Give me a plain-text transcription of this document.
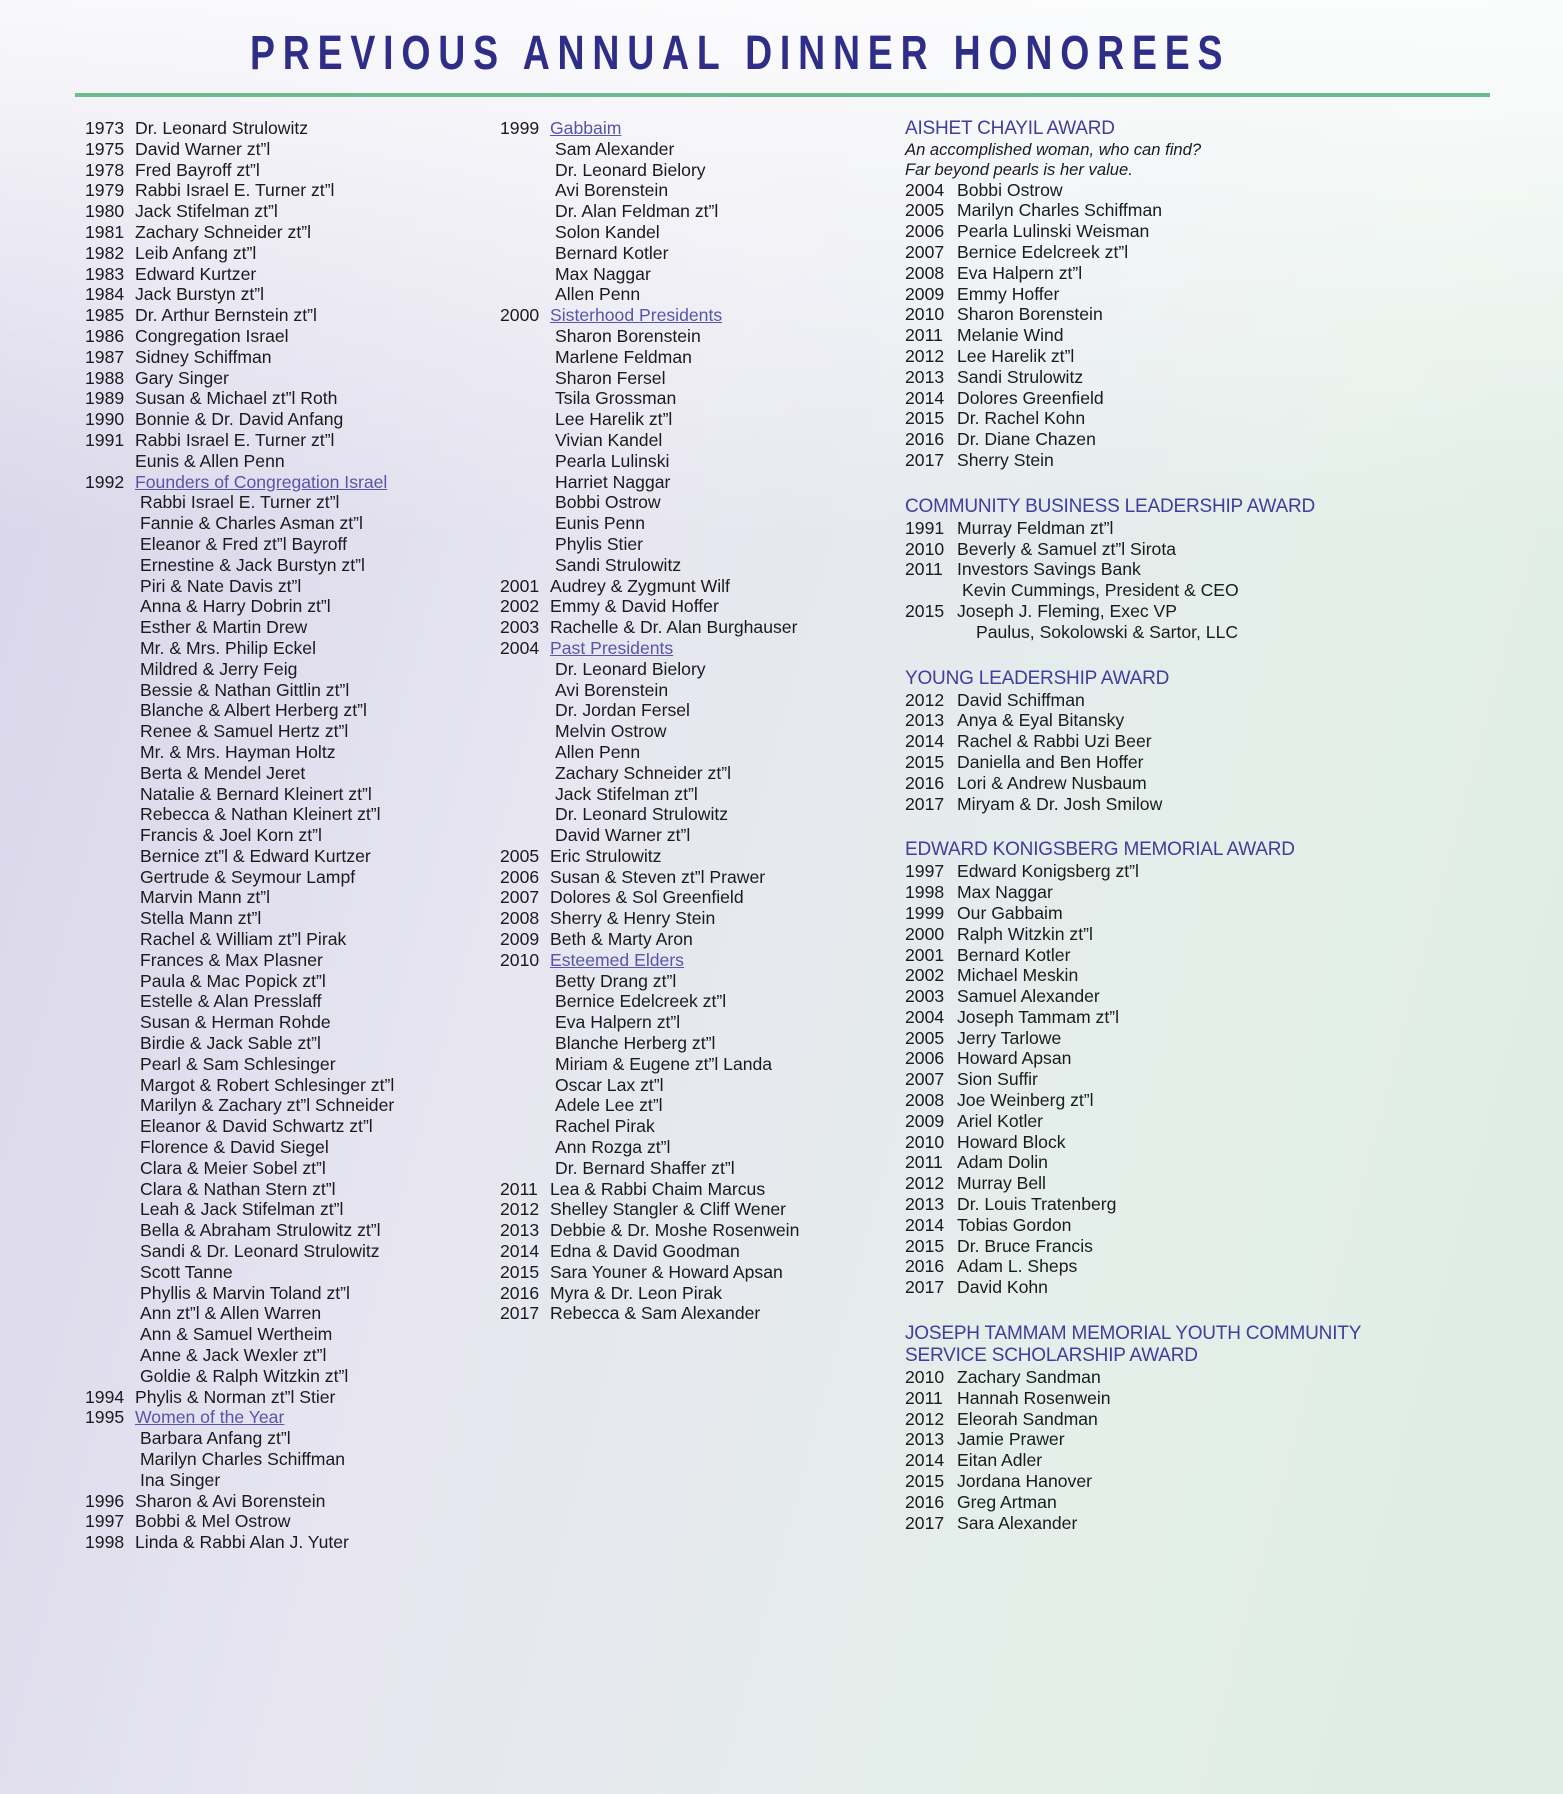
PREVIOUS ANNUAL DINNER HONOREES
1973 Dr. Leonard Strulowitz
1975 David Warner zt”l
1978 Fred Bayroff zt”l
1979 Rabbi Israel E. Turner zt”l
1980 Jack Stifelman zt”l
1981 Zachary Schneider zt”l
1982 Leib Anfang zt”l
1983 Edward Kurtzer
1984 Jack Burstyn zt”l
1985 Dr. Arthur Bernstein zt”l
1986 Congregation Israel
1987 Sidney Schiffman
1988 Gary Singer
1989 Susan & Michael zt”l Roth
1990 Bonnie & Dr. David Anfang
1991 Rabbi Israel E. Turner zt”l
Eunis & Allen Penn
1992 Founders of Congregation Israel
Rabbi Israel E. Turner zt”l
Fannie & Charles Asman zt”l
Eleanor & Fred zt”l Bayroff
Ernestine & Jack Burstyn zt”l
Piri & Nate Davis zt”l
Anna & Harry Dobrin zt”l
Esther & Martin Drew
Mr. & Mrs. Philip Eckel
Mildred & Jerry Feig
Bessie & Nathan Gittlin zt”l
Blanche & Albert Herberg zt”l
Renee & Samuel Hertz zt”l
Mr. & Mrs. Hayman Holtz
Berta & Mendel Jeret
Natalie & Bernard Kleinert zt”l
Rebecca & Nathan Kleinert zt”l
Francis & Joel Korn zt”l
Bernice zt”l & Edward Kurtzer
Gertrude & Seymour Lampf
Marvin Mann zt”l
Stella Mann zt”l
Rachel & William zt”l Pirak
Frances & Max Plasner
Paula & Mac Popick zt”l
Estelle & Alan Presslaff
Susan & Herman Rohde
Birdie & Jack Sable zt”l
Pearl & Sam Schlesinger
Margot & Robert Schlesinger zt”l
Marilyn & Zachary zt”l Schneider
Eleanor & David Schwartz zt”l
Florence & David Siegel
Clara & Meier Sobel zt”l
Clara & Nathan Stern zt”l
Leah & Jack Stifelman zt”l
Bella & Abraham Strulowitz zt”l
Sandi & Dr. Leonard Strulowitz
Scott Tanne
Phyllis & Marvin Toland zt”l
Ann zt”l & Allen Warren
Ann & Samuel Wertheim
Anne & Jack Wexler zt”l
Goldie & Ralph Witzkin zt”l
1994 Phylis & Norman zt”l Stier
1995 Women of the Year
Barbara Anfang zt”l
Marilyn Charles Schiffman
Ina Singer
1996 Sharon & Avi Borenstein
1997 Bobbi & Mel Ostrow
1998 Linda & Rabbi Alan J. Yuter
1999 Gabbaim
Sam Alexander
Dr. Leonard Bielory
Avi Borenstein
Dr. Alan Feldman zt”l
Solon Kandel
Bernard Kotler
Max Naggar
Allen Penn
2000 Sisterhood Presidents
Sharon Borenstein
Marlene Feldman
Sharon Fersel
Tsila Grossman
Lee Harelik zt”l
Vivian Kandel
Pearla Lulinski
Harriet Naggar
Bobbi Ostrow
Eunis Penn
Phylis Stier
Sandi Strulowitz
2001 Audrey & Zygmunt Wilf
2002 Emmy & David Hoffer
2003 Rachelle & Dr. Alan Burghauser
2004 Past Presidents
Dr. Leonard Bielory
Avi Borenstein
Dr. Jordan Fersel
Melvin Ostrow
Allen Penn
Zachary Schneider zt”l
Jack Stifelman zt”l
Dr. Leonard Strulowitz
David Warner zt”l
2005 Eric Strulowitz
2006 Susan & Steven zt”l Prawer
2007 Dolores & Sol Greenfield
2008 Sherry & Henry Stein
2009 Beth & Marty Aron
2010 Esteemed Elders
Betty Drang zt”l
Bernice Edelcreek zt”l
Eva Halpern zt”l
Blanche Herberg zt”l
Miriam & Eugene zt”l Landa
Oscar Lax zt”l
Adele Lee zt”l
Rachel Pirak
Ann Rozga zt”l
Dr. Bernard Shaffer zt”l
2011 Lea & Rabbi Chaim Marcus
2012 Shelley Stangler & Cliff Wener
2013 Debbie & Dr. Moshe Rosenwein
2014 Edna & David Goodman
2015 Sara Youner & Howard Apsan
2016 Myra & Dr. Leon Pirak
2017 Rebecca & Sam Alexander
AISHET CHAYIL AWARD
An accomplished woman, who can find?
Far beyond pearls is her value.
2004 Bobbi Ostrow
2005 Marilyn Charles Schiffman
2006 Pearla Lulinski Weisman
2007 Bernice Edelcreek zt”l
2008 Eva Halpern zt”l
2009 Emmy Hoffer
2010 Sharon Borenstein
2011 Melanie Wind
2012 Lee Harelik zt”l
2013 Sandi Strulowitz
2014 Dolores Greenfield
2015 Dr. Rachel Kohn
2016 Dr. Diane Chazen
2017 Sherry Stein
COMMUNITY BUSINESS LEADERSHIP AWARD
1991 Murray Feldman zt”l
2010 Beverly & Samuel zt”l Sirota
2011 Investors Savings Bank
Kevin Cummings, President & CEO
2015 Joseph J. Fleming, Exec VP
Paulus, Sokolowski & Sartor, LLC
YOUNG LEADERSHIP AWARD
2012 David Schiffman
2013 Anya & Eyal Bitansky
2014 Rachel & Rabbi Uzi Beer
2015 Daniella and Ben Hoffer
2016 Lori & Andrew Nusbaum
2017 Miryam & Dr. Josh Smilow
EDWARD KONIGSBERG MEMORIAL AWARD
1997 Edward Konigsberg zt”l
1998 Max Naggar
1999 Our Gabbaim
2000 Ralph Witzkin zt”l
2001 Bernard Kotler
2002 Michael Meskin
2003 Samuel Alexander
2004 Joseph Tammam zt”l
2005 Jerry Tarlowe
2006 Howard Apsan
2007 Sion Suffir
2008 Joe Weinberg zt”l
2009 Ariel Kotler
2010 Howard Block
2011 Adam Dolin
2012 Murray Bell
2013 Dr. Louis Tratenberg
2014 Tobias Gordon
2015 Dr. Bruce Francis
2016 Adam L. Sheps
2017 David Kohn
JOSEPH TAMMAM MEMORIAL YOUTH COMMUNITY
SERVICE SCHOLARSHIP AWARD
2010 Zachary Sandman
2011 Hannah Rosenwein
2012 Eleorah Sandman
2013 Jamie Prawer
2014 Eitan Adler
2015 Jordana Hanover
2016 Greg Artman
2017 Sara Alexander
